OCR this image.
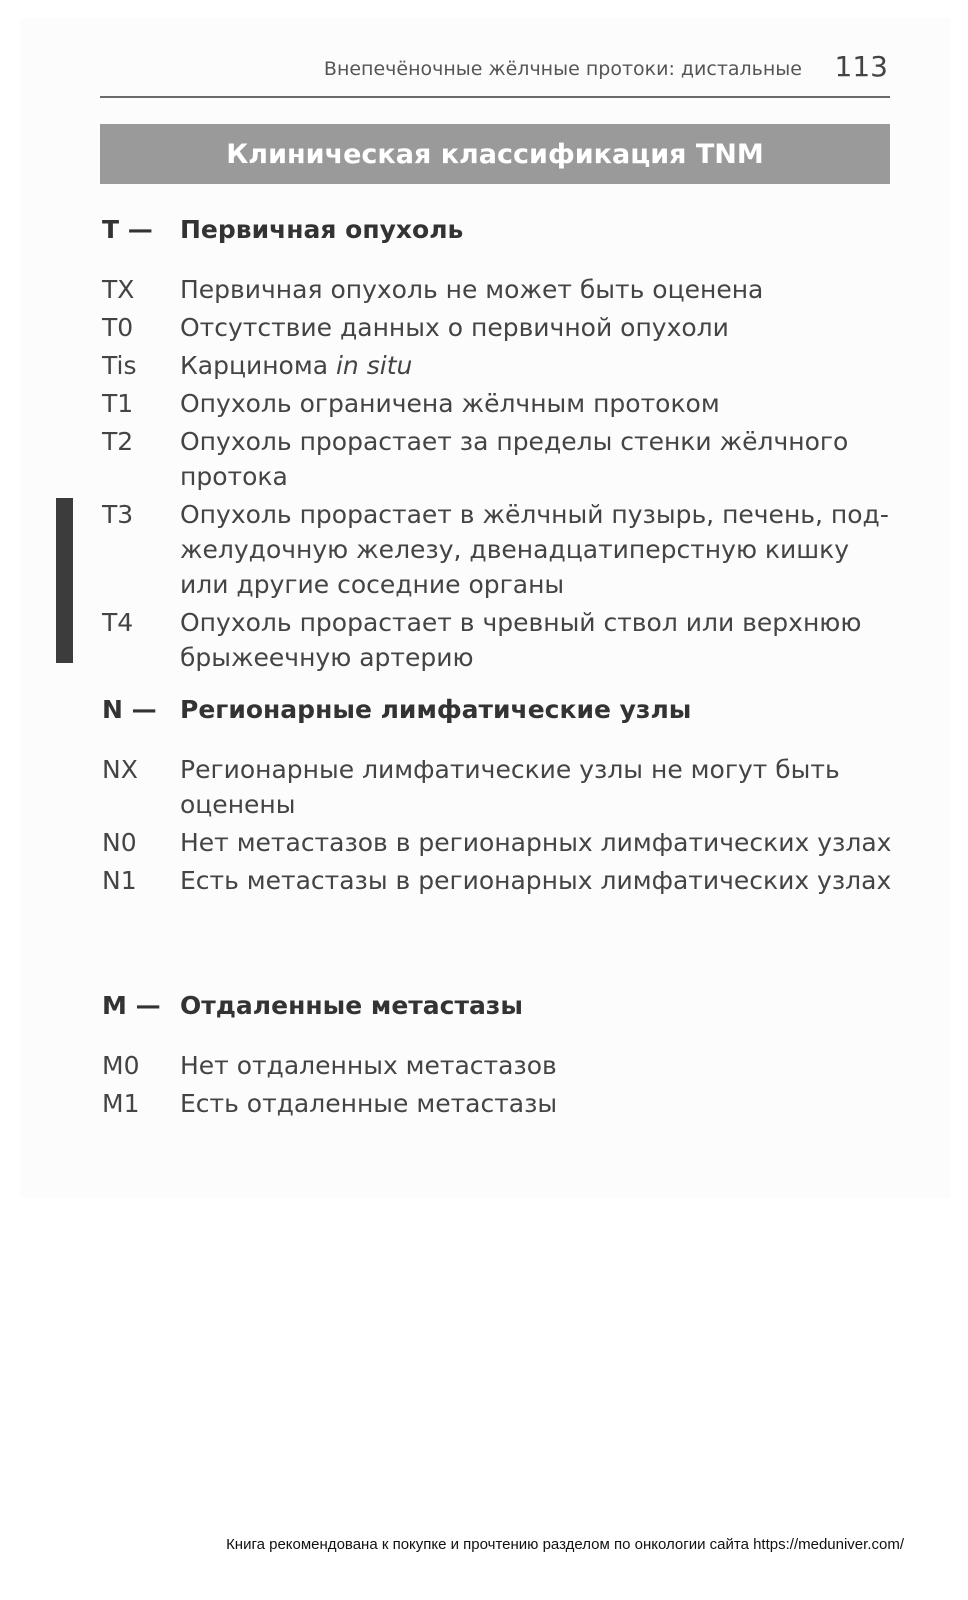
Внепечёночные жёлчные протоки: дистальные 113
Клиническая классификация TNM
T —	Первичная опухоль
TX	Первичная опухоль не может быть оценена
T0	Отсутствие данных о первичной опухоли
Tis	Карцинома in situ
T1	Опухоль ограничена жёлчным протоком
T2	Опухоль прорастает за пределы стенки жёлчного протока
T3	Опухоль прорастает в жёлчный пузырь, печень, под-желудочную железу, двенадцатиперстную кишку или другие соседние органы
T4	Опухоль прорастает в чревный ствол или верхнюю брыжеечную артерию
N — Регионарные лимфатические узлы
NX	Регионарные лимфатические узлы не могут быть оценены
N0	Нет метастазов в регионарных лимфатических узлах
N1	Есть метастазы в регионарных лимфатических узлах
M — Отдаленные метастазы
M0	Нет отдаленных метастазов
M1	Есть отдаленные метастазы
Книга рекомендована к покупке и прочтению разделом по онкологии сайта https://meduniver.com/
